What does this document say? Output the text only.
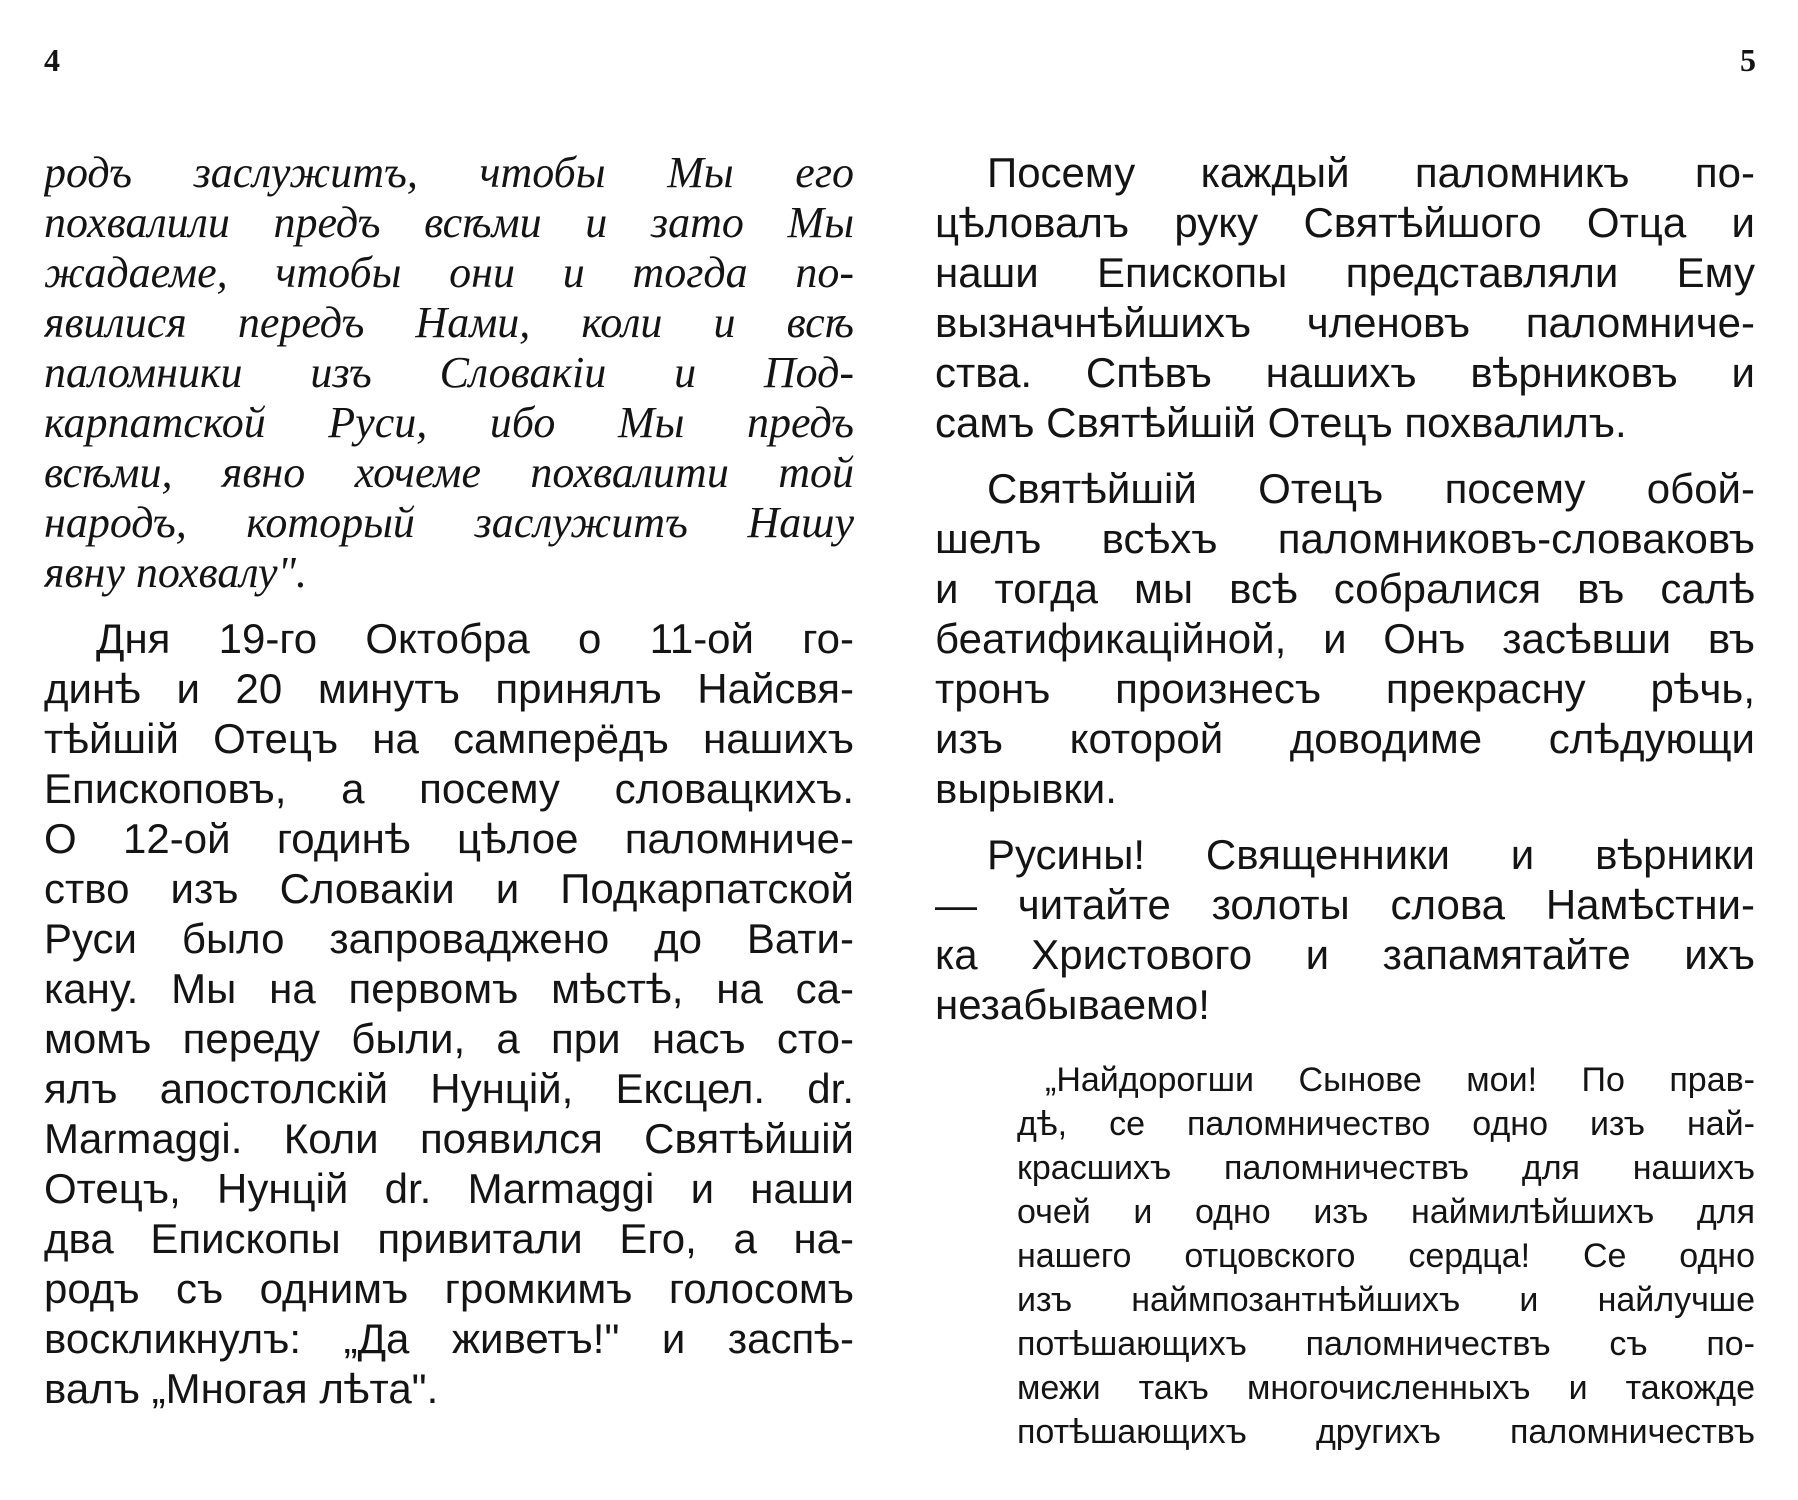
4
родъ заслужитъ, чтобы Мы его
похвалили предъ всѣми и зато Мы
жадаеме, чтобы они и тогда по-
явилися передъ Нами, коли и всѣ
паломники изъ Словакіи и Под-
карпатской Руси, ибо Мы предъ
всѣми, явно хочеме похвалити той
народъ, который заслужитъ Нашу
явну похвалу".
Дня 19-го Октобра о 11-ой го-
динѣ и 20 минутъ принялъ Найсвя-
тѣйшій Отецъ на самперёдъ нашихъ
Епископовъ, а посему словацкихъ.
О 12-ой годинѣ цѣлое паломниче-
ство изъ Словакіи и Подкарпатской
Руси было запроваджено до Вати-
кану. Мы на первомъ мѣстѣ, на са-
момъ переду были, а при насъ сто-
ялъ апостолскій Нунцій, Ексцел. dr.
Marmaggi. Коли появился Святѣйшій
Отецъ, Нунцій dr. Marmaggi и наши
два Епископы привитали Его, а на-
родъ съ однимъ громкимъ голосомъ
воскликнулъ: „Да живетъ!" и заспѣ-
валъ „Многая лѣта".
5
Посему каждый паломникъ по-
цѣловалъ руку Святѣйшого Отца и
наши Епископы представляли Ему
вызначнѣйшихъ членовъ паломниче-
ства. Спѣвъ нашихъ вѣрниковъ и
самъ Святѣйшій Отецъ похвалилъ.
Святѣйшій Отецъ посему обой-
шелъ всѣхъ паломниковъ-словаковъ
и тогда мы всѣ собралися въ салѣ
беатификаційной, и Онъ засѣвши въ
тронъ произнесъ прекрасну рѣчь,
изъ которой доводиме слѣдующи
вырывки.
Русины! Священники и вѣрники
— читайте золоты слова Намѣстни-
ка Христового и запамятайте ихъ
незабываемо!
„Найдорогши Сынове мои! По прав-
дѣ, се паломничество одно изъ най-
красшихъ паломничествъ для нашихъ
очей и одно изъ наймилѣйшихъ для
нашего отцовского сердца! Се одно
изъ наймпозантнѣйшихъ и найлучше
потѣшающихъ паломничествъ съ по-
межи такъ многочисленныхъ и такожде
потѣшающихъ другихъ паломничествъ
